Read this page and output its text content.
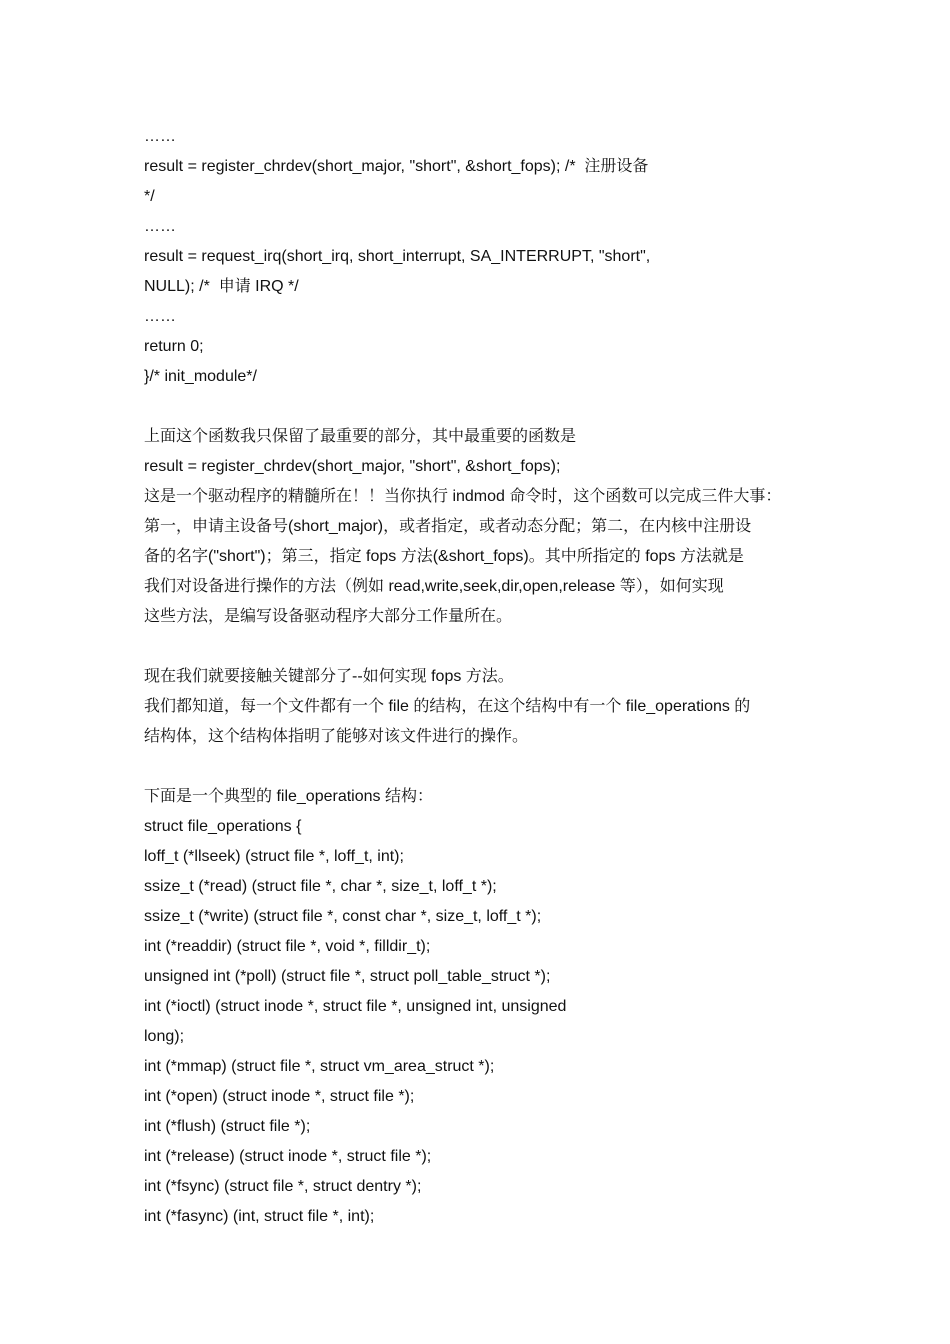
……
result = register_chrdev(short_major, "short", &short_fops); /*  注册设备
*/
……
result = request_irq(short_irq, short_interrupt, SA_INTERRUPT, "short",
NULL); /*  申请 IRQ */
……
return 0;
}/* init_module*/
上面这个函数我只保留了最重要的部分，其中最重要的函数是
result = register_chrdev(short_major, "short", &short_fops);
这是一个驱动程序的精髓所在！！当你执行 indmod 命令时，这个函数可以完成三件大事：
第一，申请主设备号(short_major)，或者指定，或者动态分配；第二，在内核中注册设
备的名字("short")；第三，指定 fops 方法(&short_fops)。其中所指定的 fops 方法就是
我们对设备进行操作的方法（例如 read,write,seek,dir,open,release 等），如何实现
这些方法，是编写设备驱动程序大部分工作量所在。
现在我们就要接触关键部分了--如何实现 fops 方法。
我们都知道，每一个文件都有一个 file 的结构，在这个结构中有一个 file_operations 的
结构体，这个结构体指明了能够对该文件进行的操作。
下面是一个典型的 file_operations 结构：
struct file_operations {
loff_t (*llseek) (struct file *, loff_t, int);
ssize_t (*read) (struct file *, char *, size_t, loff_t *);
ssize_t (*write) (struct file *, const char *, size_t, loff_t *);
int (*readdir) (struct file *, void *, filldir_t);
unsigned int (*poll) (struct file *, struct poll_table_struct *);
int (*ioctl) (struct inode *, struct file *, unsigned int, unsigned
long);
int (*mmap) (struct file *, struct vm_area_struct *);
int (*open) (struct inode *, struct file *);
int (*flush) (struct file *);
int (*release) (struct inode *, struct file *);
int (*fsync) (struct file *, struct dentry *);
int (*fasync) (int, struct file *, int);
